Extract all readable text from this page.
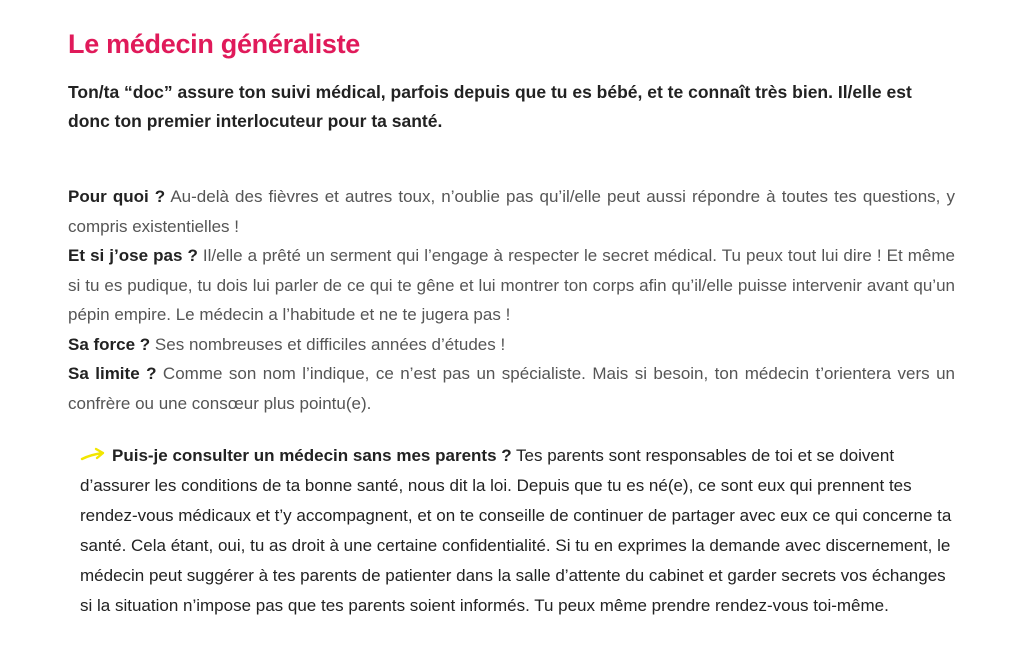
Le médecin généraliste

Ton/ta “doc” assure ton suivi médical, parfois depuis que tu es bébé, et te connaît très bien. Il/elle est donc ton premier interlocuteur pour ta santé.

Pour quoi ? Au-delà des fièvres et autres toux, n’oublie pas qu’il/elle peut aussi répondre à toutes tes questions, y compris existentielles !

Et si j’ose pas ? Il/elle a prêté un serment qui l’engage à respecter le secret médical. Tu peux tout lui dire ! Et même si tu es pudique, tu dois lui parler de ce qui te gêne et lui montrer ton corps afin qu’il/elle puisse intervenir avant qu’un pépin empire. Le médecin a l’habitude et ne te jugera pas !

Sa force ? Ses nombreuses et difficiles années d’études !

Sa limite ? Comme son nom l’indique, ce n’est pas un spécialiste. Mais si besoin, ton médecin t’orientera vers un confrère ou une consœur plus pointu(e).

Puis-je consulter un médecin sans mes parents ? Tes parents sont responsables de toi et se doivent d’assurer les conditions de ta bonne santé, nous dit la loi. Depuis que tu es né(e), ce sont eux qui prennent tes rendez-vous médicaux et t’y accompagnent, et on te conseille de continuer de partager avec eux ce qui concerne ta santé. Cela étant, oui, tu as droit à une certaine confidentialité. Si tu en exprimes la demande avec discernement, le médecin peut suggérer à tes parents de patienter dans la salle d’attente du cabinet et garder secrets vos échanges si la situation n’impose pas que tes parents soient informés. Tu peux même prendre rendez-vous toi-même.
